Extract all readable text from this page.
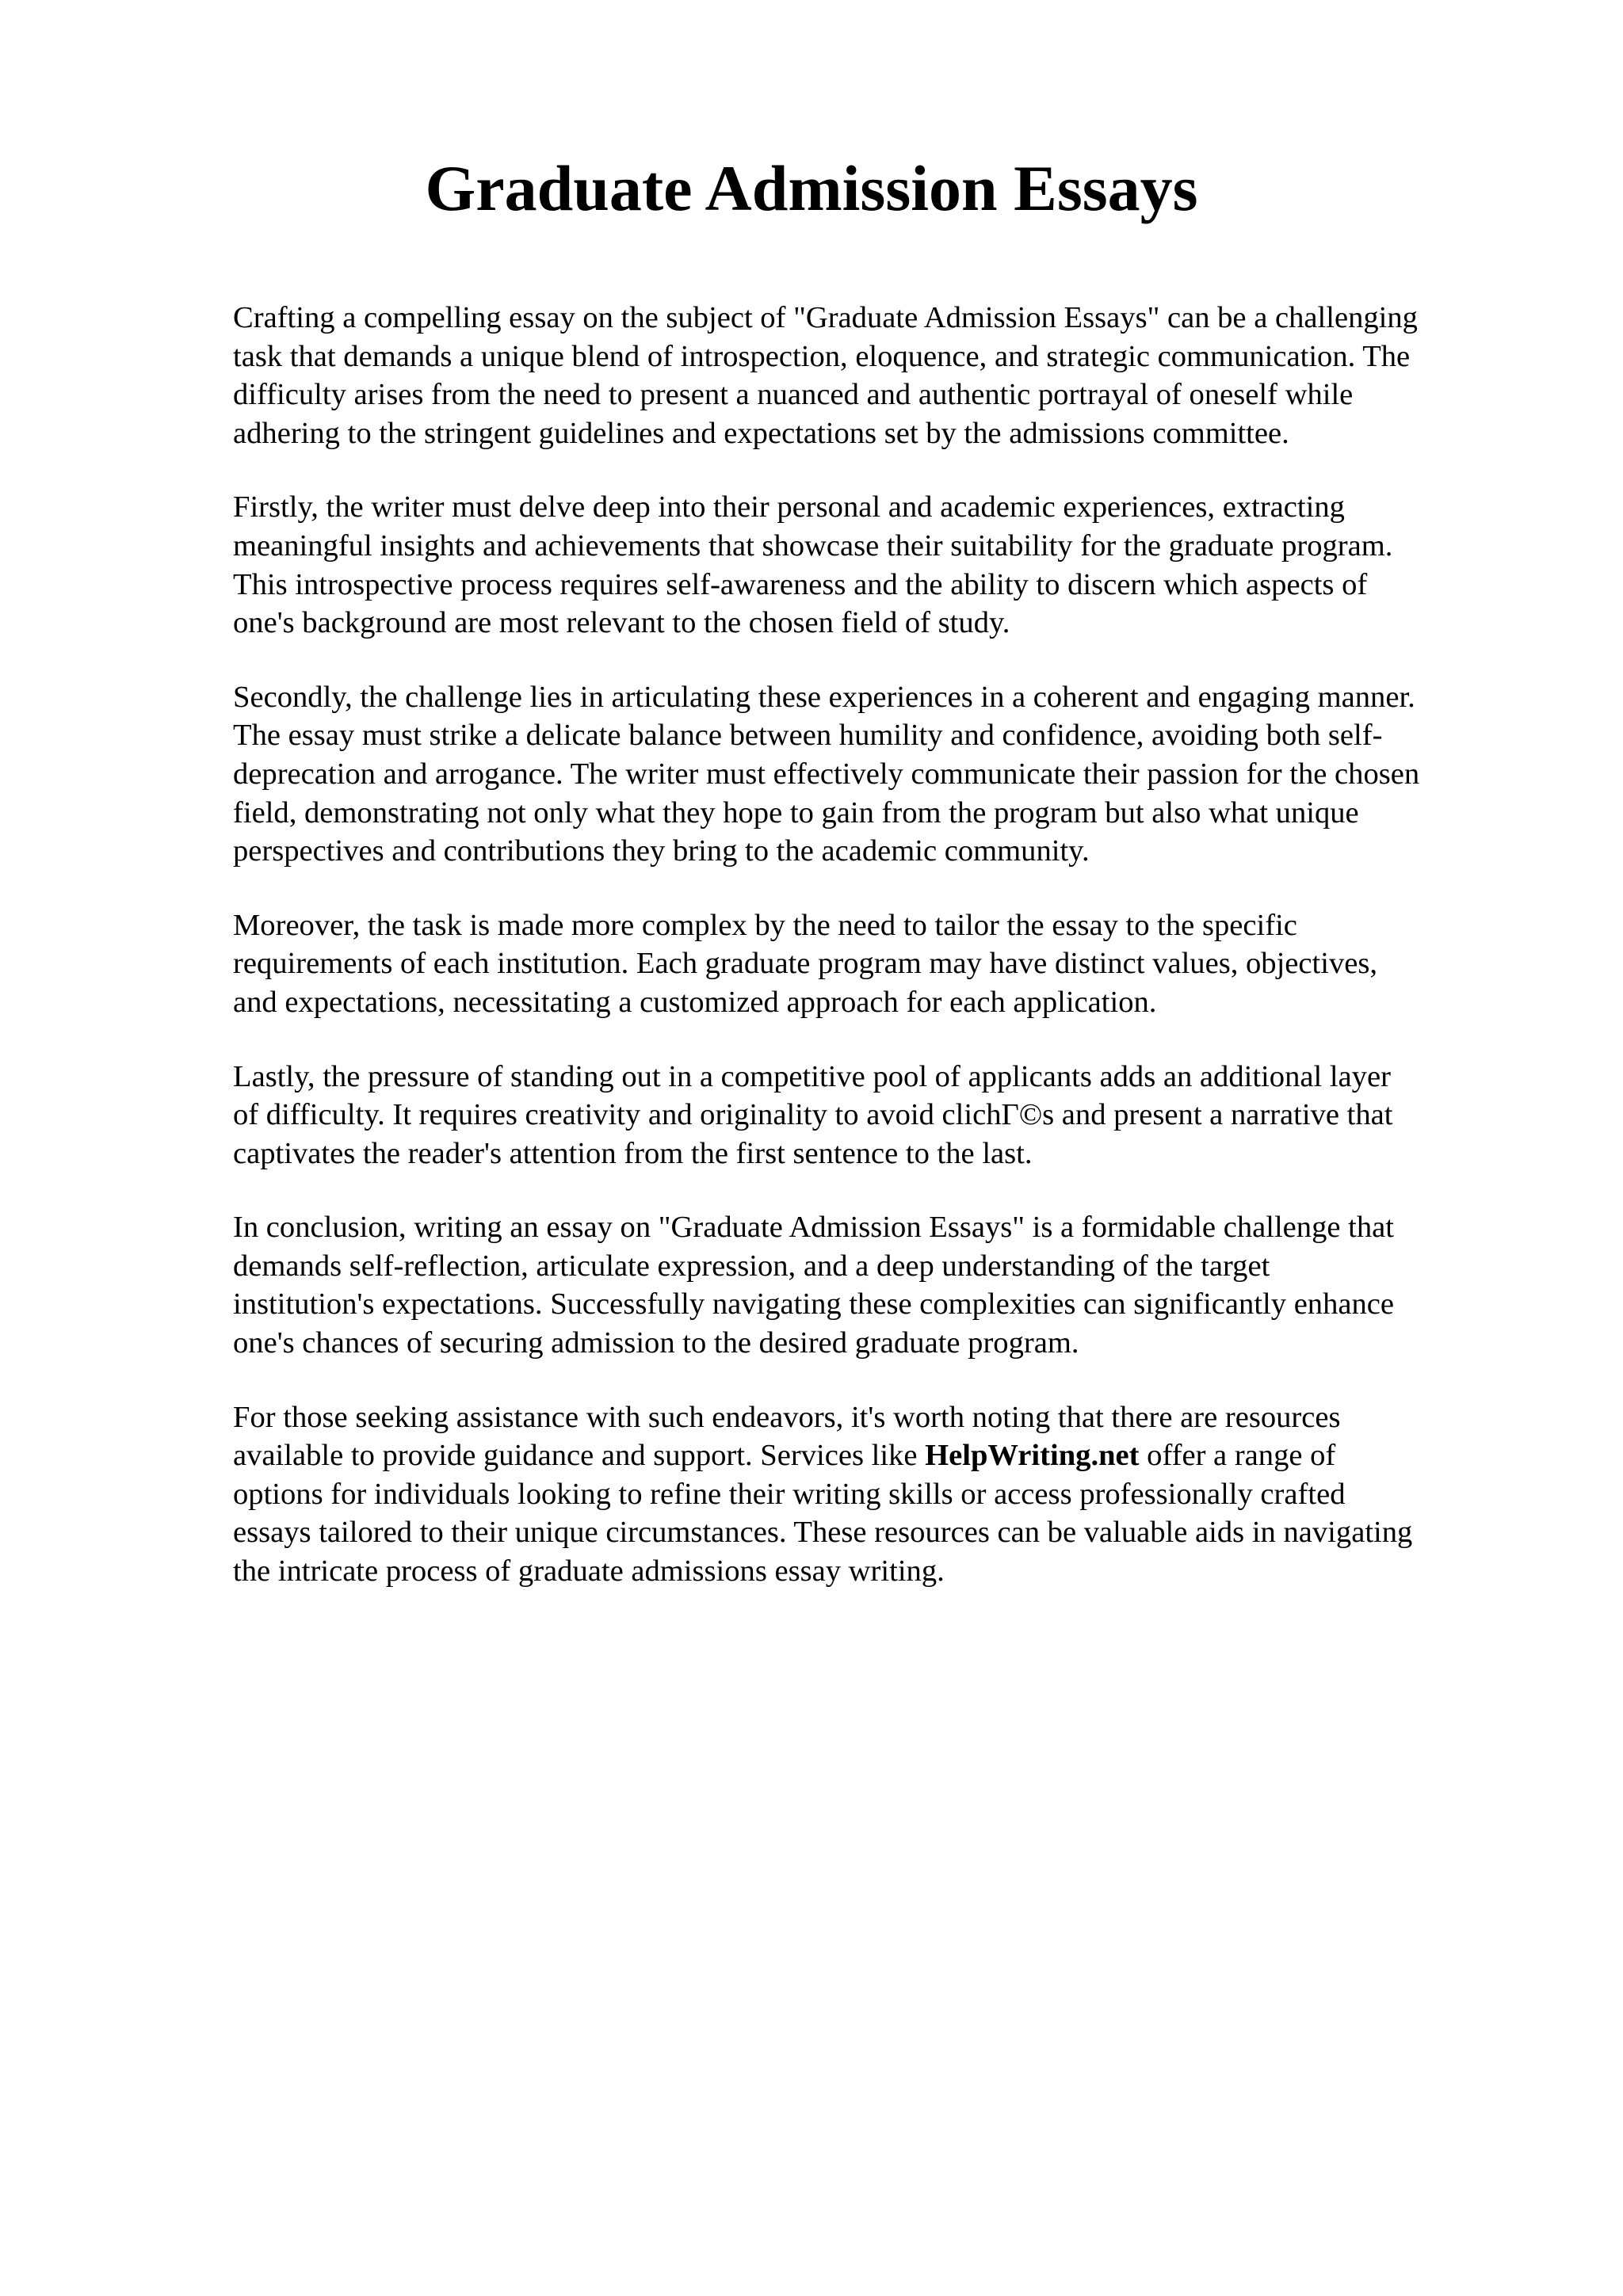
Graduate Admission Essays

Crafting a compelling essay on the subject of "Graduate Admission Essays" can be a challenging
task that demands a unique blend of introspection, eloquence, and strategic communication. The
difficulty arises from the need to present a nuanced and authentic portrayal of oneself while
adhering to the stringent guidelines and expectations set by the admissions committee.

Firstly, the writer must delve deep into their personal and academic experiences, extracting
meaningful insights and achievements that showcase their suitability for the graduate program.
This introspective process requires self-awareness and the ability to discern which aspects of
one's background are most relevant to the chosen field of study.

Secondly, the challenge lies in articulating these experiences in a coherent and engaging manner.
The essay must strike a delicate balance between humility and confidence, avoiding both self-
deprecation and arrogance. The writer must effectively communicate their passion for the chosen
field, demonstrating not only what they hope to gain from the program but also what unique
perspectives and contributions they bring to the academic community.

Moreover, the task is made more complex by the need to tailor the essay to the specific
requirements of each institution. Each graduate program may have distinct values, objectives,
and expectations, necessitating a customized approach for each application.

Lastly, the pressure of standing out in a competitive pool of applicants adds an additional layer
of difficulty. It requires creativity and originality to avoid clichΓ©s and present a narrative that
captivates the reader's attention from the first sentence to the last.

In conclusion, writing an essay on "Graduate Admission Essays" is a formidable challenge that
demands self-reflection, articulate expression, and a deep understanding of the target
institution's expectations. Successfully navigating these complexities can significantly enhance
one's chances of securing admission to the desired graduate program.

For those seeking assistance with such endeavors, it's worth noting that there are resources
available to provide guidance and support. Services like HelpWriting.net offer a range of
options for individuals looking to refine their writing skills or access professionally crafted
essays tailored to their unique circumstances. These resources can be valuable aids in navigating
the intricate process of graduate admissions essay writing.
